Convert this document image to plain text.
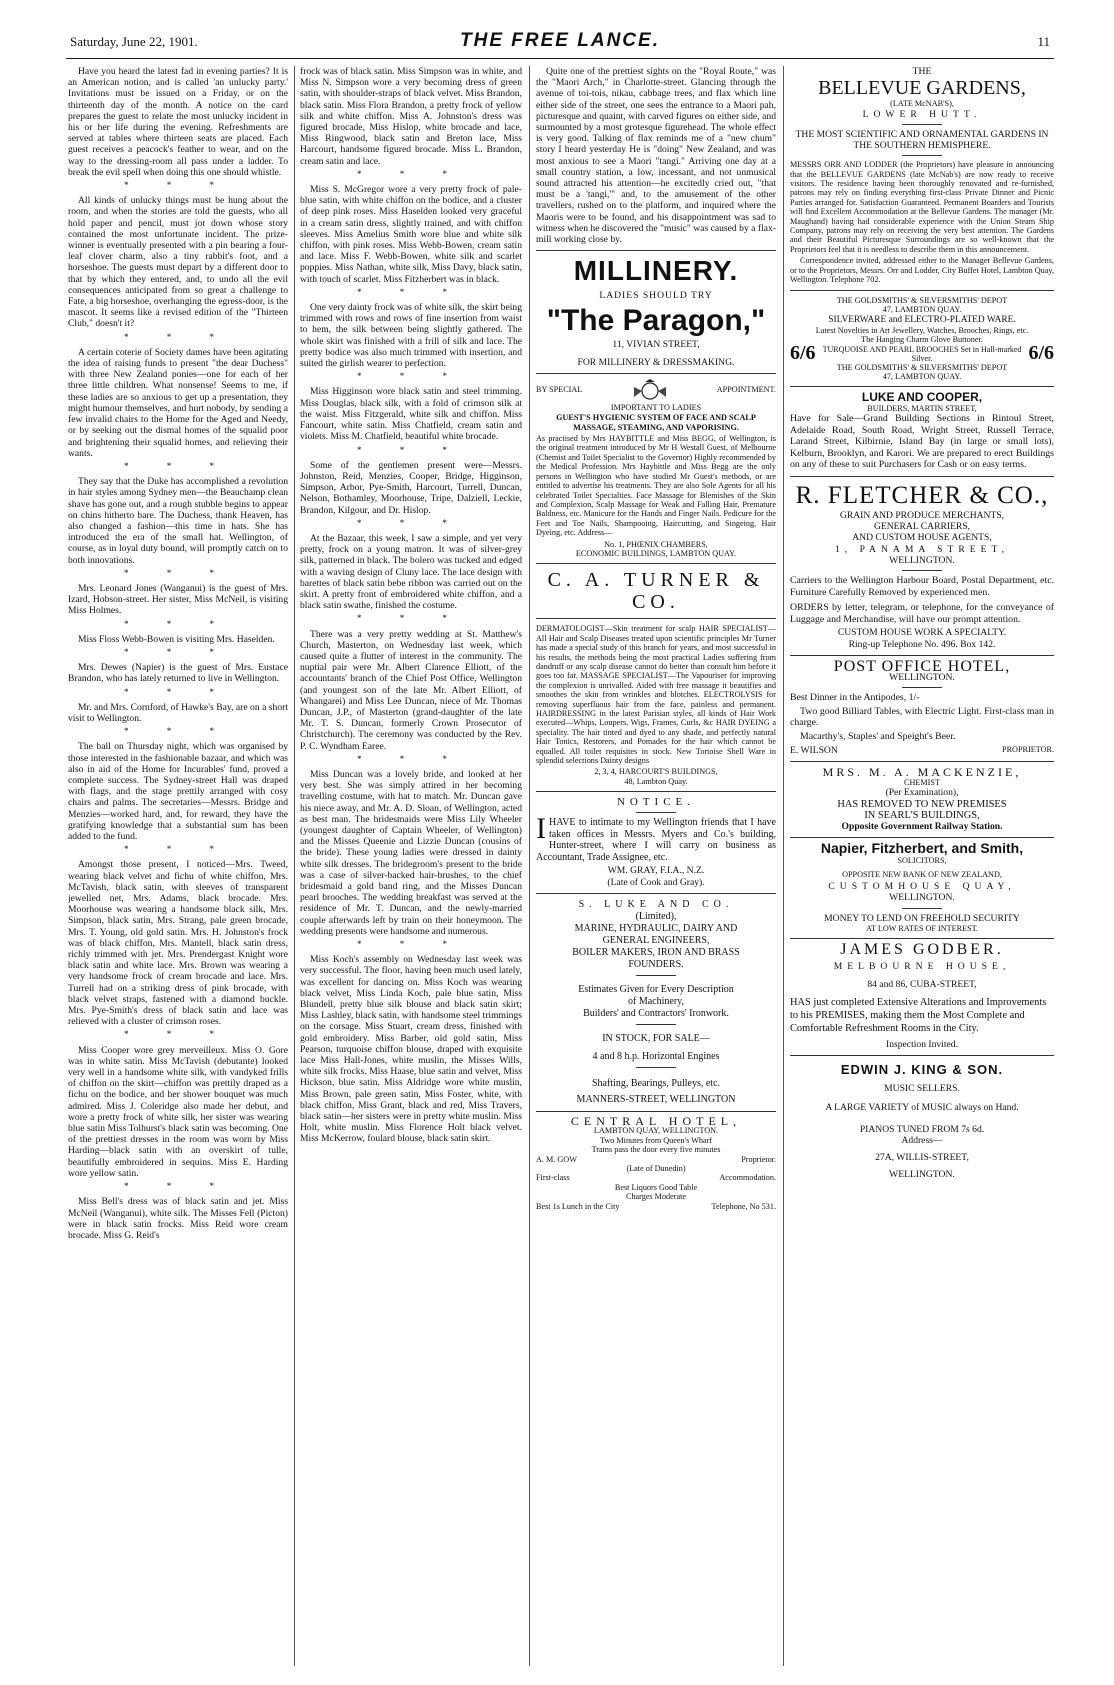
Saturday, June 22, 1901.	THE FREE LANCE.	11

Have you heard the latest fad in evening parties? It is an American notion, and is called 'an unlucky party.' Invitations must be issued on a Friday, or on the thirteenth day of the month. A notice on the card prepares the guest to relate the most unlucky incident in his or her life during the evening. Refreshments are served at tables where thirteen seats are placed. Each guest receives a peacock's feather to wear, and on the way to the dressing-room all pass under a ladder. To break the evil spell when doing this one should whistle.

* * *

All kinds of unlucky things must be hung about the room, and when the stories are told the guests, who all hold paper and pencil, must jot down whose story contained the most unfortunate incident. The prize-winner is eventually presented with a pin bearing a four-leaf clover charm, also a tiny rabbit's foot, and a horseshoe. The guests must depart by a different door to that by which they entered, and, to undo all the evil consequences anticipated from so great a challenge to Fate, a big horseshoe, overhanging the egress-door, is the mascot. It seems like a revised edition of the "Thirteen Club," doesn't it?

* * *

A certain coterie of Society dames have been agitating the idea of raising funds to present "the dear Duchess" with three New Zealand ponies—one for each of her three little children. What nonsense! Seems to me, if these ladies are so anxious to get up a presentation, they might humour themselves, and hurt nobody, by sending a few invalid chairs to the Home for the Aged and Needy, or by seeking out the dismal homes of the squalid poor and brightening their squalid homes, and relieving their wants.

* * *

They say that the Duke has accomplished a revolution in hair styles among Sydney men—the Beauchamp clean shave has gone out, and a rough stubble begins to appear on chins hitherto bare. The Duchess, thank Heaven, has also changed a fashion—this time in hats. She has introduced the era of the small hat. Wellington, of course, as in loyal duty bound, will promptly catch on to both innovations.

* * *

Mrs. Leonard Jones (Wanganui) is the guest of Mrs. Izard, Hobson-street. Her sister, Miss McNeil, is visiting Miss Holmes.

* * *

Miss Floss Webb-Bowen is visiting Mrs. Haselden.

* * *

Mrs. Dewes (Napier) is the guest of Mrs. Eustace Brandon, who has lately returned to live in Wellington.

* * *

Mr. and Mrs. Cornford, of Hawke's Bay, are on a short visit to Wellington.

* * *

The ball on Thursday night, which was organised by those interested in the fashionable bazaar, and which was also in aid of the Home for Incurables' fund, proved a complete success. The Sydney-street Hall was draped with flags, and the stage prettily arranged with cosy chairs and palms. The secretaries—Messrs. Bridge and Menzies—worked hard, and, for reward, they have the gratifying knowledge that a substantial sum has been added to the fund.

* * *

Amongst those present, I noticed—Mrs. Tweed, wearing black velvet and fichu of white chiffon, Mrs. McTavish, black satin, with sleeves of transparent jewelled net, Mrs. Adams, black brocade. Mrs. Moorhouse was wearing a handsome black silk, Mrs. Simpson, black satin, Mrs. Strang, pale green brocade, Mrs. T. Young, old gold satin. Mrs. H. Johnston's frock was of black chiffon, Mrs. Mantell, black satin dress, richly trimmed with jet. Mrs. Prendergast Knight wore black satin and white lace. Mrs. Brown was wearing a very handsome frock of cream brocade and lace. Mrs. Turrell had on a striking dress of pink brocade, with black velvet straps, fastened with a diamond buckle. Mrs. Pye-Smith's dress of black satin and lace was relieved with a cluster of crimson roses.

* * *

Miss Cooper wore grey merveilleux. Miss O. Gore was in white satin. Miss McTavish (debutante) looked very well in a handsome white silk, with vandyked frills of chiffon on the skirt—chiffon was prettily draped as a fichu on the bodice, and her shower bouquet was much admired. Miss J. Coleridge also made her debut, and wore a pretty frock of white silk, her sister was wearing blue satin Miss Tolhurst's black satin was becoming. One of the prettiest dresses in the room was worn by Miss Harding—black satin with an overskirt of tulle, beautifully embroidered in sequins. Miss E. Harding wore yellow satin.

* * *

Miss Bell's dress was of black satin and jet. Miss McNeil (Wanganui), white silk. The Misses Fell (Picton) were in black satin frocks. Miss Reid wore cream brocade. Miss G. Reid's

frock was of black satin. Miss Simpson was in white, and Miss N. Simpson wore a very becoming dress of green satin, with shoulder-straps of black velvet. Miss Brandon, black satin. Miss Flora Brandon, a pretty frock of yellow silk and white chiffon. Miss A. Johnston's dress was figured brocade, Miss Hislop, white brocade and lace, Miss Ringwood, black satin and Breton lace, Miss Harcourt, handsome figured brocade. Miss L. Brandon, cream satin and lace.

* * *

Miss S. McGregor wore a very pretty frock of pale-blue satin, with white chiffon on the bodice, and a cluster of deep pink roses. Miss Haselden looked very graceful in a cream satin dress, slightly trained, and with chiffon sleeves. Miss Amelius Smith wore blue and white silk chiffon, with pink roses. Miss Webb-Bowen, cream satin and lace. Miss F. Webb-Bowen, white silk and scarlet poppies. Miss Nathan, white silk, Miss Davy, black satin, with touch of scarlet. Miss Fitzherbert was in black.

* * *

One very dainty frock was of white silk, the skirt being trimmed with rows and rows of fine insertion from waist to hem, the silk between being slightly gathered. The whole skirt was finished with a frill of silk and lace. The pretty bodice was also much trimmed with insertion, and suited the girlish wearer to perfection.

* * *

Miss Higginson wore black satin and steel trimming. Miss Douglas, black silk, with a fold of crimson silk at the waist. Miss Fitzgerald, white silk and chiffon. Miss Fancourt, white satin. Miss Chatfield, cream satin and violets. Miss M. Chatfield, beautiful white brocade.

* * *

Some of the gentlemen present were—Messrs. Johnston, Reid, Menzies, Cooper, Bridge, Higginson, Simpson, Arbor, Pye-Smith, Harcourt, Turrell, Duncan, Nelson, Bothamley, Moorhouse, Tripe, Dalziell, Leckie, Brandon, Kilgour, and Dr. Hislop.

* * *

At the Bazaar, this week, I saw a simple, and yet very pretty, frock on a young matron. It was of silver-grey silk, patterned in black. The bolero was tucked and edged with a waving design of Cluny lace. The lace design with barettes of black satin bebe ribbon was carried out on the skirt. A pretty front of embroidered white chiffon, and a black satin swathe, finished the costume.

* * *

There was a very pretty wedding at St. Matthew's Church, Masterton, on Wednesday last week, which caused quite a flutter of interest in the community. The nuptial pair were Mr. Albert Clarence Elliott, of the accountants' branch of the Chief Post Office, Wellington (and youngest son of the late Mr. Albert Elliott, of Whangarei) and Miss Lee Duncan, niece of Mr. Thomas Duncan, J.P., of Masterton (grand-daughter of the late Mr. T. S. Duncan, formerly Crown Prosecutor of Christchurch). The ceremony was conducted by the Rev. P. C. Wyndham Earee.

* * *

Miss Duncan was a lovely bride, and looked at her very best. She was simply attired in her becoming travelling costume, with hat to match. Mr. Duncan gave his niece away, and Mr. A. D. Sloan, of Wellington, acted as best man. The bridesmaids were Miss Lily Wheeler (youngest daughter of Captain Wheeler, of Wellington) and the Misses Queenie and Lizzie Duncan (cousins of the bride). These young ladies were dressed in dainty white silk dresses. The bridegroom's present to the bride was a case of silver-backed hair-brushes, to the chief bridesmaid a gold band ring, and the Misses Duncan pearl brooches. The wedding breakfast was served at the residence of Mr. T. Duncan, and the newly-married couple afterwards left by train on their honeymoon. The wedding presents were handsome and numerous.

* * *

Miss Koch's assembly on Wednesday last week was very successful. The floor, having been much used lately, was excellent for dancing on. Miss Koch was wearing black velvet, Miss Linda Koch, pale blue satin, Miss Blundell, pretty blue silk blouse and black satin skirt; Miss Lashley, black satin, with handsome steel trimmings on the corsage. Miss Stuart, cream dress, finished with gold embroidery. Miss Barber, old gold satin, Miss Pearson, turquoise chiffon blouse, draped with exquisite lace Miss Hall-Jones, white muslin, the Misses Wills, white silk frocks. Miss Haase, blue satin and velvet, Miss Hickson, blue satin. Miss Aldridge wore white muslin, Miss Brown, pale green satin, Miss Foster, white, with black chiffon, Miss Grant, black and red, Miss Travers, black satin—her sisters were in pretty white muslin. Miss Holt, white muslin. Miss Florence Holt black velvet. Miss McKerrow, foulard blouse, black satin skirt.

Quite one of the prettiest sights on the "Royal Route," was the "Maori Arch," in Charlotte-street. Glancing through the avenue of toi-tois, nikau, cabbage trees, and flax which line either side of the street, one sees the entrance to a Maori pah, picturesque and quaint, with carved figures on either side, and surmounted by a most grotesque figurehead. The whole effect is very good. Talking of flax reminds me of a "new chum" story I heard yesterday He is "doing" New Zealand, and was most anxious to see a Maori "tangi." Arriving one day at a small country station, a low, incessant, and not unmusical sound attracted his attention—he excitedly cried out, "that must be a 'tangi,'" and, to the amusement of the other travellers, rushed on to the platform, and inquired where the Maoris were to be found, and his disappointment was sad to witness when he discovered the "music" was caused by a flax-mill working close by.

MILLINERY.
LADIES SHOULD TRY
"The Paragon,"
11, VIVIAN STREET,
FOR MILLINERY & DRESSMAKING.
BY SPECIAL	APPOINTMENT.
IMPORTANT TO LADIES
GUEST'S HYGIENIC SYSTEM OF FACE AND SCALP MASSAGE, STEAMING, AND VAPORISING.

As practised by Mrs HAYBITTLE and Miss BEGG, of Wellington, is the original treatment introduced by Mr H Westall Guest, of Melbourne (Chemist and Toilet Specialist to the Governor) Highly recommended by the Medical Profession. Mrs Haybittle and Miss Begg are the only persons in Wellington who have studied Mr Guest's methods, or are entitled to advertise his treatments. They are also Sole Agents for all his celebrated Toilet Specialties. Face Massage for Blemishes of the Skin and Complexion, Scalp Massage for Weak and Falling Hair, Premature Baldness, etc. Manicure for the Hands and Finger Nails. Pedicure for the Feet and Toe Nails, Shampooing, Haircutting, and Singeing, Hair Dyeing, etc. Address—

No. 1, PHŒNIX CHAMBERS,
ECONOMIC BUILDINGS, LAMBTON QUAY.
C. A. TURNER & CO.

DERMATOLOGIST—Skin treatment for scalp HAIR SPECIALIST—All Hair and Scalp Diseases treated upon scientific principles Mr Turner has made a special study of this branch for years, and most successful in his results, the methods being the most practical Ladies suffering from dandruff or any scalp disease cannot do better than consult him before it goes too far. MASSAGE SPECIALIST—The Vapouriser for improving the complexion is unrivalled. Aided with free massage it beautifies and smoothes the skin from wrinkles and blotches. ELECTROLYSIS for removing superfluous hair from the face, painless and permanent. HAIRDRESSING in the latest Parisian styles, all kinds of Hair Work executed—Whips, Loupers, Wigs, Frames, Curls, &c HAIR DYEING a speciality. The hair tinted and dyed to any shade, and perfectly natural Hair Tonics, Restorers, and Pomades for the hair which cannot be equalled. All toilet requisites in stock. New Tortoise Shell Ware in splendid selections Dainty designs

2, 3, 4, HARCOURT'S BUILDINGS,
48, Lambton Quay.
NOTICE.

IHAVE to intimate to my Wellington friends that I have taken offices in Messrs. Myers and Co.'s building, Hunter-street, where I will carry on business as Accountant, Trade Assignee, etc.

WM. GRAY, F.I.A., N.Z.
(Late of Cook and Gray).
S. LUKE AND CO.
(Limited),
MARINE, HYDRAULIC, DAIRY AND
GENERAL ENGINEERS,
BOILER MAKERS, IRON AND BRASS
FOUNDERS.
Estimates Given for Every Description
of Machinery,
Builders' and Contractors' Ironwork.
IN STOCK, FOR SALE—
4 and 8 h.p. Horizontal Engines
Shafting, Bearings, Pulleys, etc.
MANNERS-STREET, WELLINGTON
CENTRAL HOTEL,
LAMBTON QUAY, WELLINGTON.
Two Minutes from Queen's Wharf
Trams pass the door every five minutes
A. M. GOW	Proprietor.
(Late of Dunedin)
First-class	Accommodation.
Best Liquors Good Table
Charges Moderate
Best 1s Lunch in the City	Telephone, No 531.
THE
BELLEVUE GARDENS,
(LATE McNAB'S),
LOWER HUTT.
THE MOST SCIENTIFIC AND ORNAMENTAL GARDENS IN THE SOUTHERN HEMISPHERE.

MESSRS ORR AND LODDER (the Proprietors) have pleasure in announcing that the BELLEVUE GARDENS (late McNab's) are now ready to receive visitors. The residence having been thoroughly renovated and re-furnished, patrons may rely on finding everything first-class Private Dinner and Picnic Parties arranged for. Satisfaction Guaranteed. Permanent Boarders and Tourists will find Excellent Accommodation at the Bellevue Gardens. The manager (Mr. Maughand) having had considerable experience with the Union Steam Ship Company, patrons may rely on receiving the very best attention. The Gardens and their Beautiful Picturesque Surroundings are so well-known that the Proprietors feel that it is needless to describe them in this announcement.

Correspondence invited, addressed either to the Manager Bellevue Gardens, or to the Proprietors, Messrs. Orr and Lodder, City Buffet Hotel, Lambton Quay, Wellington. Telephone 702.

THE GOLDSMITHS' & SILVERSMITHS' DEPOT
47, LAMBTON QUAY.
SILVERWARE and ELECTRO-PLATED WARE.
Latest Novelties in Art Jewellery, Watches, Brooches, Rings, etc.
The Hanging Charm Glove Buttoner.
6/6 TURQUOISE AND PEARL BROOCHES Set in Hall-marked Silver.	6/6
THE GOLDSMITHS' & SILVERSMITHS' DEPOT
47, LAMBTON QUAY.
LUKE AND COOPER,
BUILDERS, MARTIN STREET,

Have for Sale—Grand Building Sections in Rintoul Street, Adelaide Road, South Road, Wright Street, Russell Terrace, Larand Street, Kilbirnie, Island Bay (in large or small lots), Kelburn, Brooklyn, and Karori. We are prepared to erect Buildings on any of these to suit Purchasers for Cash or on easy terms.

R. FLETCHER & CO.,
GRAIN AND PRODUCE MERCHANTS,
GENERAL CARRIERS,
AND CUSTOM HOUSE AGENTS,
1, PANAMA STREET,
WELLINGTON.

Carriers to the Wellington Harbour Board, Postal Department, etc. Furniture Carefully Removed by experienced men.

ORDERS by letter, telegram, or telephone, for the conveyance of Luggage and Merchandise, will have our prompt attention.

CUSTOM HOUSE WORK A SPECIALTY.
Ring-up Telephone No. 496. Box 142.
POST OFFICE HOTEL,
WELLINGTON.

Best Dinner in the Antipodes, 1/-

Two good Billiard Tables, with Electric Light. First-class man in charge.

Macarthy's, Staples' and Speight's Beer.

E. WILSON	PROPRIETOR.
MRS. M. A. MACKENZIE,
CHEMIST
(Per Examination),
HAS REMOVED TO NEW PREMISES
IN SEARL'S BUILDINGS,
Opposite Government Railway Station.
Napier, Fitzherbert, and Smith,
SOLICITORS,
OPPOSITE NEW BANK OF NEW ZEALAND,
CUSTOMHOUSE QUAY,
WELLINGTON.
MONEY TO LEND ON FREEHOLD SECURITY
AT LOW RATES OF INTEREST.
JAMES GODBER.
MELBOURNE HOUSE,
84 and 86, CUBA-STREET,

HAS just completed Extensive Alterations and Improvements to his PREMISES, making them the Most Complete and Comfortable Refreshment Rooms in the City.

Inspection Invited.
EDWIN J. KING & SON.
MUSIC SELLERS.
A LARGE VARIETY of MUSIC always on Hand.
PIANOS TUNED FROM 7s 6d.
Address—
27A, WILLIS-STREET,
WELLINGTON.
